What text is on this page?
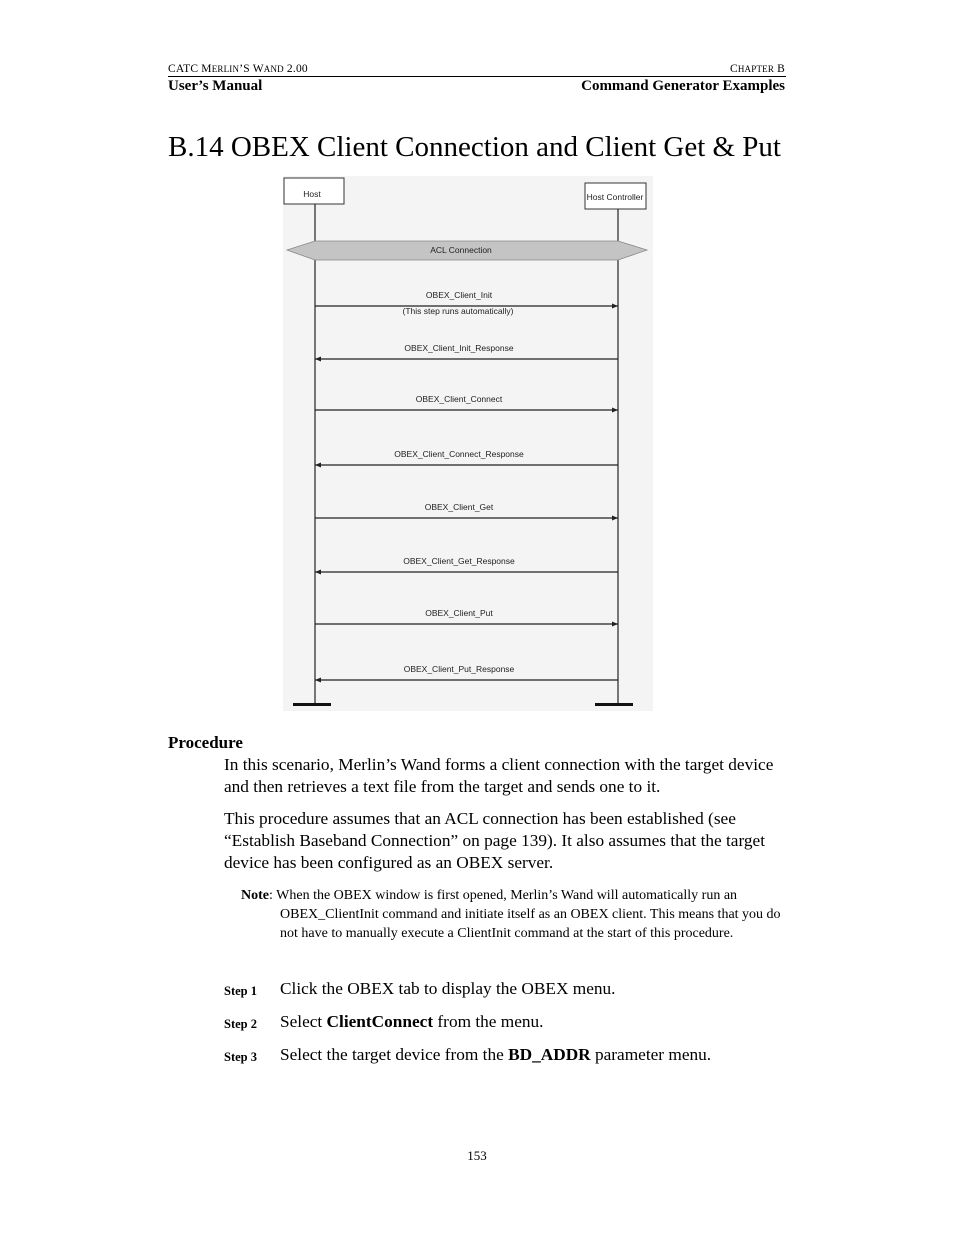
CATC MERLIN’S WAND 2.00	CHAPTER B
User’s Manual	Command Generator Examples
B.14 OBEX Client Connection and Client Get & Put
Host	Host Controller
ACL Connection
OBEX_Client_Init
(This step runs automatically)
OBEX_Client_Init_Response
OBEX_Client_Connect
OBEX_Client_Connect_Response
OBEX_Client_Get
OBEX_Client_Get_Response
OBEX_Client_Put
OBEX_Client_Put_Response
Procedure
In this scenario, Merlin’s Wand forms a client connection with the target device and then retrieves a text file from the target and sends one to it.
This procedure assumes that an ACL connection has been established (see “Establish Baseband Connection” on page 139). It also assumes that the target device has been configured as an OBEX server.
Note: When the OBEX window is first opened, Merlin’s Wand will automatically run an
OBEX_ClientInit command and initiate itself as an OBEX client. This means that you do not have to manually execute a ClientInit command at the start of this procedure.
Step 1 Click the OBEX tab to display the OBEX menu.
Step 2 Select ClientConnect from the menu.
Step 3 Select the target device from the BD_ADDR parameter menu.
153
